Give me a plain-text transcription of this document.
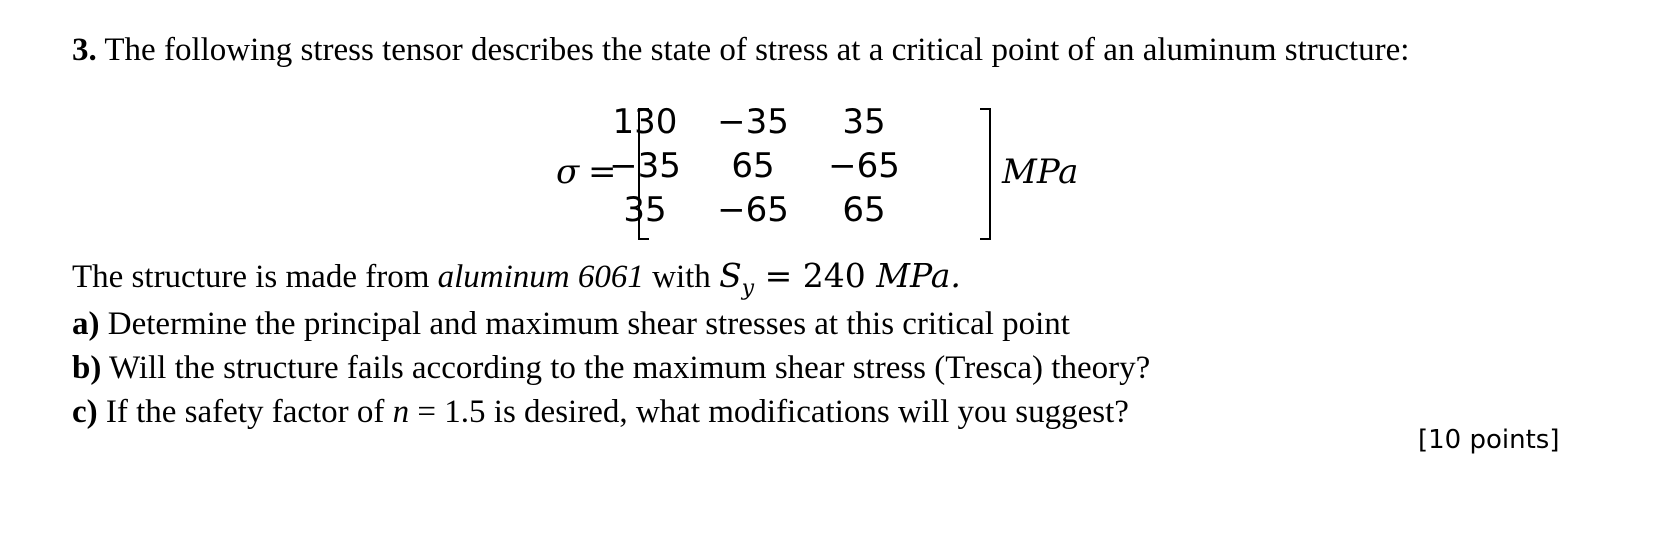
3. The following stress tensor describes the state of stress at a critical point of an aluminum structure:
σ =
130	−35	35
−35	65	−65
35	−65	65
MPa
The structure is made from aluminum 6061 with $S_y = 240$ MPa.
a) Determine the principal and maximum shear stresses at this critical point
b) Will the structure fails according to the maximum shear stress (Tresca) theory?
c) If the safety factor of n = 1.5 is desired, what modifications will you suggest?
[10 points]
